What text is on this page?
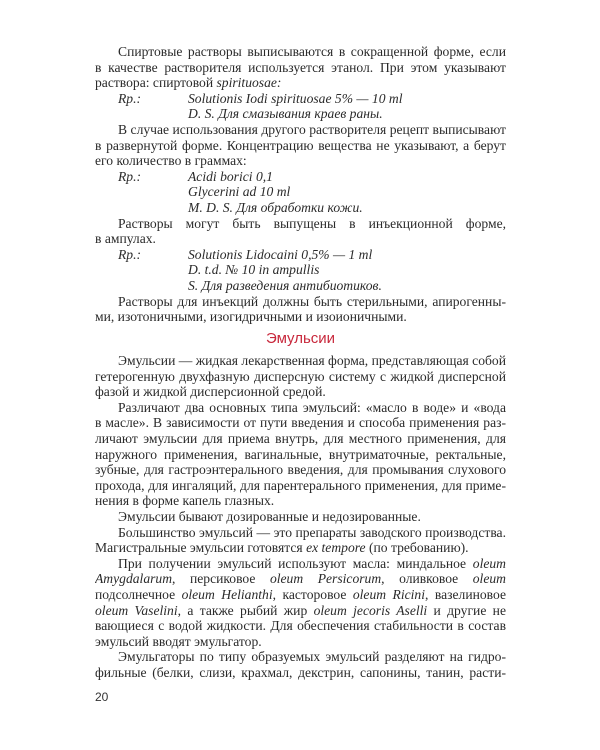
Спиртовые растворы выписываются в сокращенной форме, если
в качестве растворителя используется этанол. При этом указывают
раствора: спиртовой spirituosae:
Rp.:	Solutionis Iodi spirituosae 5% — 10 ml
D. S. Для смазывания краев раны.
В случае использования другого растворителя рецепт выписывают
в развернутой форме. Концентрацию вещества не указывают, а берут
его количество в граммах:
Rp.:	Acidi borici 0,1
Glycerini ad 10 ml
M. D. S. Для обработки кожи.
Растворы могут быть выпущены в инъекционной форме,
в ампулах.
Rp.:	Solutionis Lidocaini 0,5% — 1 ml
D. t.d. № 10 in ampullis
S. Для разведения антибиотиков.
Растворы для инъекций должны быть стерильными, апирогенны-
ми, изотоничными, изогидричными и изоионичными.
Эмульсии
Эмульсии — жидкая лекарственная форма, представляющая собой
гетерогенную двухфазную дисперсную систему с жидкой дисперсной
фазой и жидкой дисперсионной средой.
Различают два основных типа эмульсий: «масло в воде» и «вода
в масле». В зависимости от пути введения и способа применения раз-
личают эмульсии для приема внутрь, для местного применения, для
наружного применения, вагинальные, внутриматочные, ректальные,
зубные, для гастроэнтерального введения, для промывания слухового
прохода, для ингаляций, для парентерального применения, для приме-
нения в форме капель глазных.
Эмульсии бывают дозированные и недозированные.
Большинство эмульсий — это препараты заводского производства.
Магистральные эмульсии готовятся ex tempore (по требованию).
При получении эмульсий используют масла: миндальное oleum
Amygdalarum, персиковое oleum Persicorum, оливковое oleum
подсолнечное oleum Helianthi, касторовое oleum Ricini, вазелиновое
oleum Vaselini, а также рыбий жир oleum jecoris Aselli и другие не
вающиеся с водой жидкости. Для обеспечения стабильности в состав
эмульсий вводят эмульгатор.
Эмульгаторы по типу образуемых эмульсий разделяют на гидро-
фильные (белки, слизи, крахмал, декстрин, сапонины, танин, расти-
20
